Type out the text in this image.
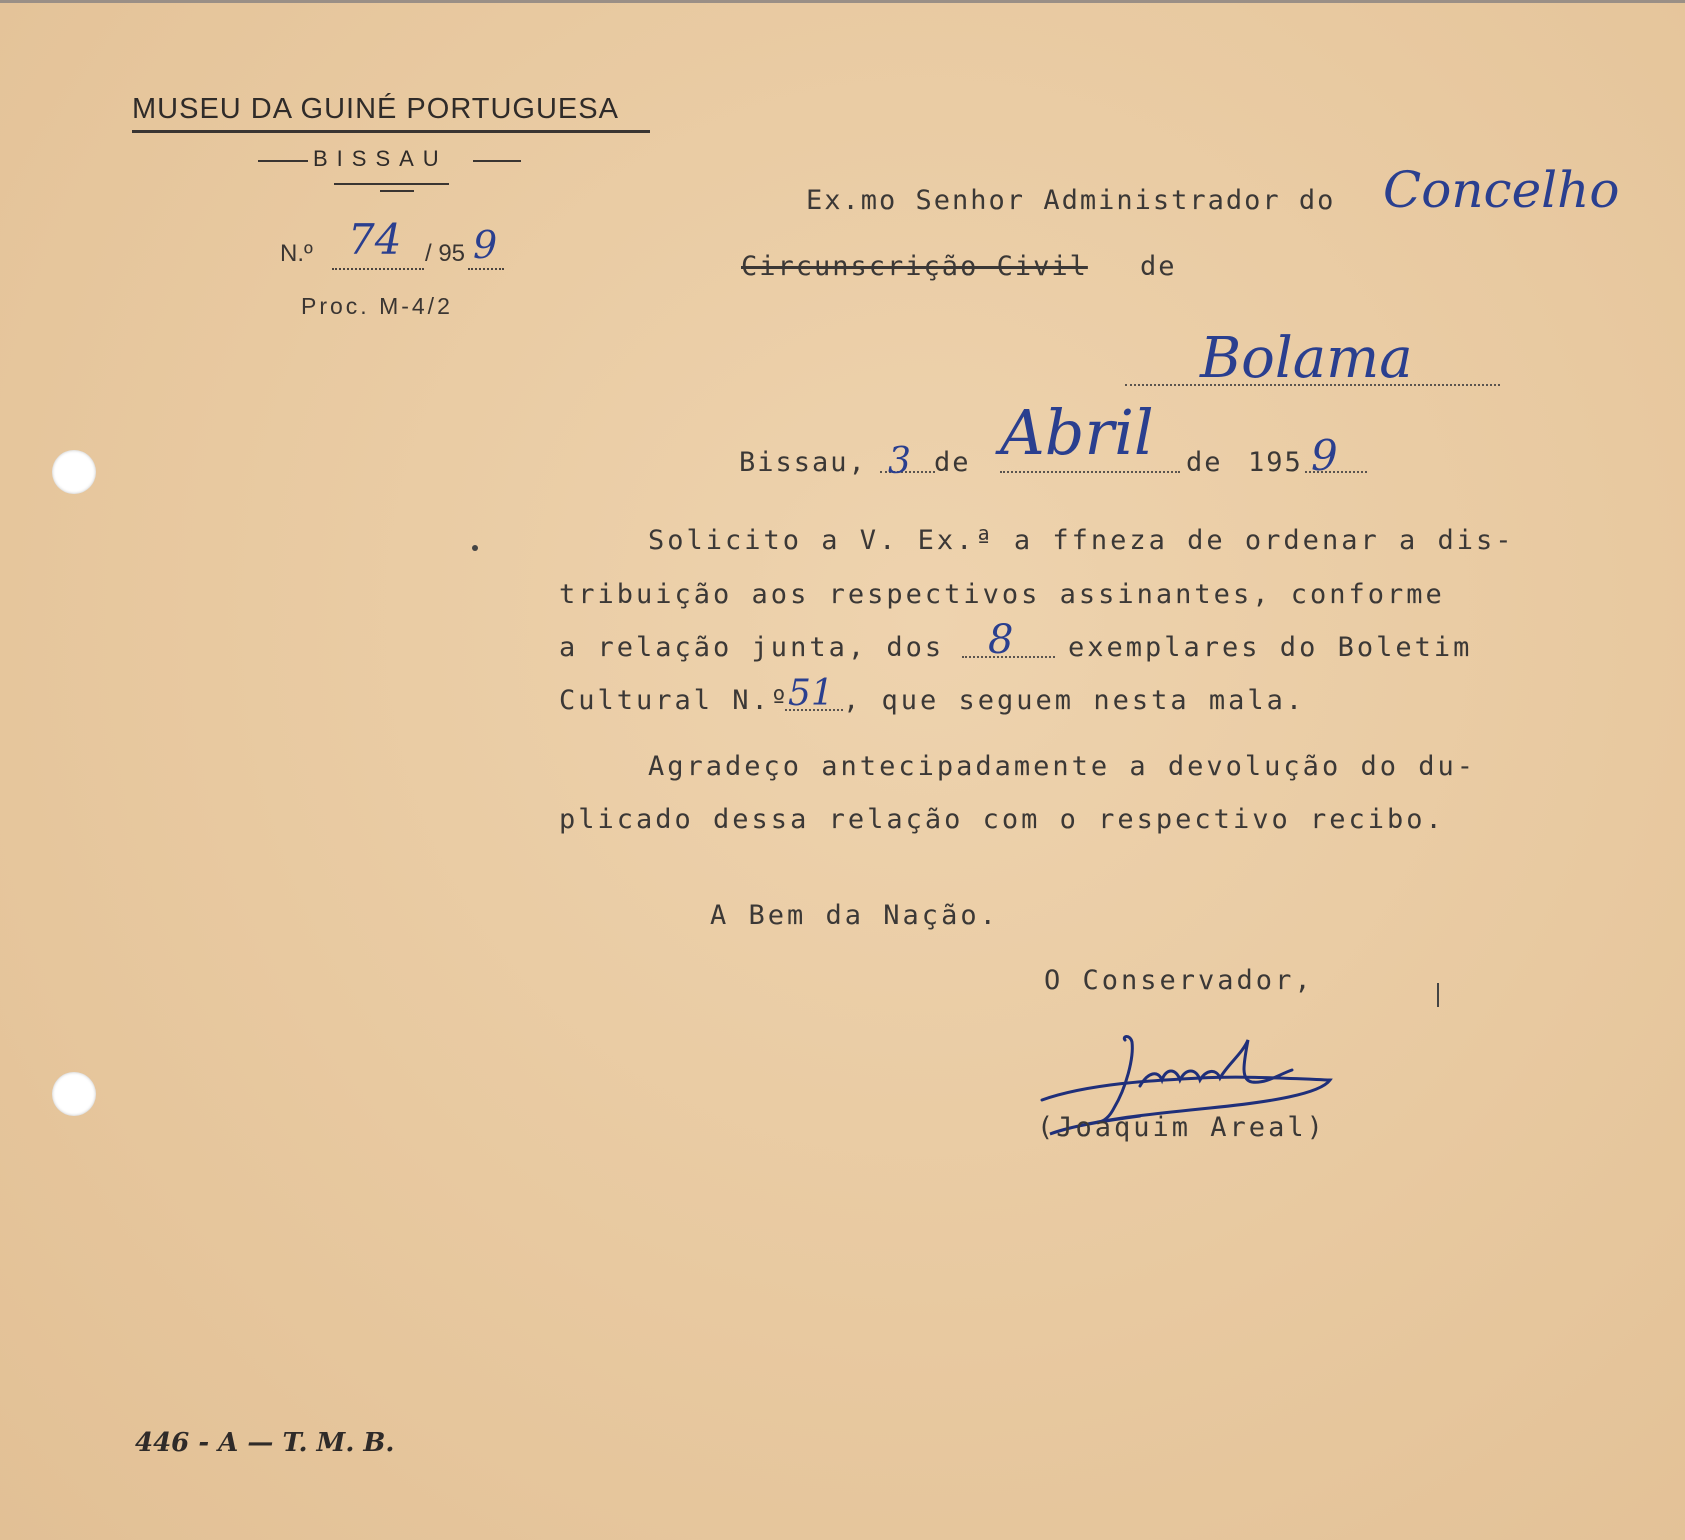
MUSEU DA GUINÉ PORTUGUESA
BISSAU
N.º 74 / 95 9
Proc. M-4/2
Ex.mo Senhor Administrador do Concelho
Circunscrição Civil de
Bolama
Bissau, 3 de Abril de 195 9
Solicito a V. Ex.ª a ffneza de ordenar a dis-
tribuição aos respectivos assinantes, conforme
a relação junta, dos 8 exemplares do Boletim
Cultural N.º
51 , que seguem nesta mala.
Agradeço antecipadamente a devolução do du-
plicado dessa relação com o respectivo recibo.
A Bem da Nação.
O Conservador,
(Joaquim Areal)
446 - A — T. M. B.
